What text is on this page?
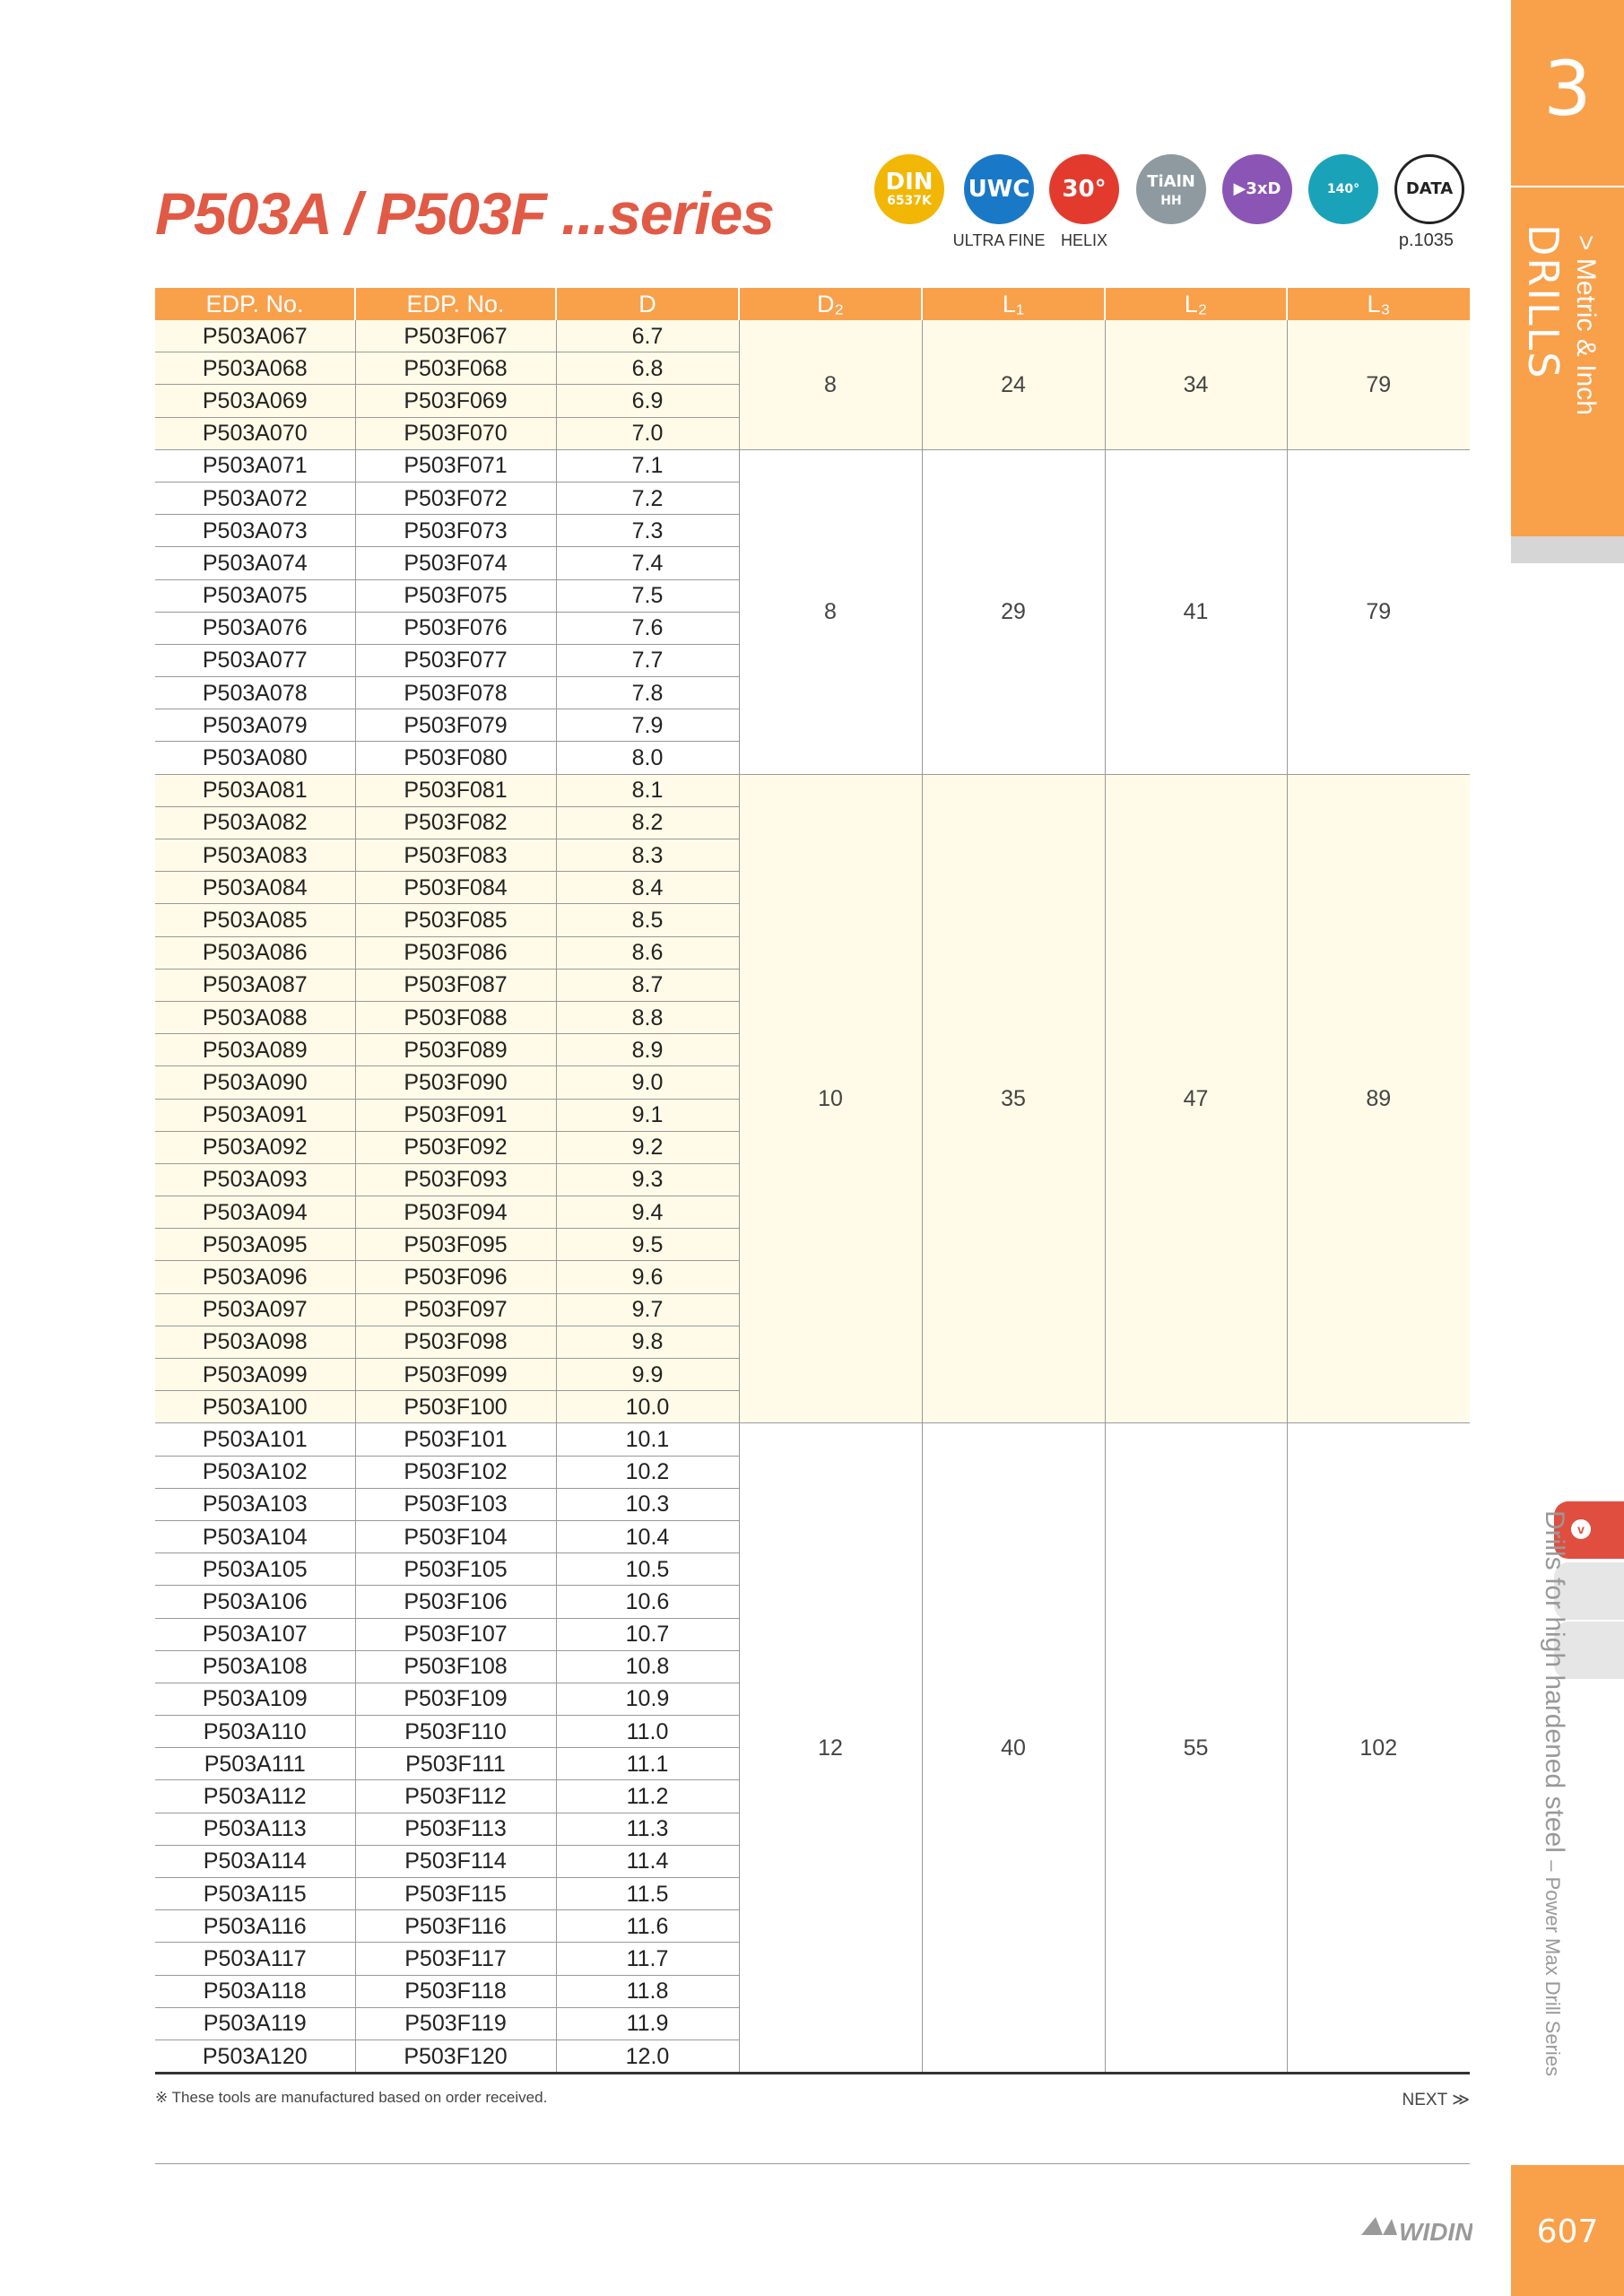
P503A / P503F ...series	DIN
6537K UWC
ULTRA FINE
30°
HELIX
TiAlN
HH
▶3xD	140°	DATA
p.1035
3
DRILLS > Metric & Inch
v
Drills for high hardened steel – Power Max Drill Series
EDP. No.	EDP. No.	D	D₂	L₁	L₂	L₃
P503A067	P503F067	6.7	8	24	34	79
P503A068	P503F068	6.8				
P503A069	P503F069	6.9				
P503A070	P503F070	7.0				
P503A071	P503F071	7.1	8	29	41	79
P503A072	P503F072	7.2				
P503A073	P503F073	7.3				
P503A074	P503F074	7.4				
P503A075	P503F075	7.5				
P503A076	P503F076	7.6				
P503A077	P503F077	7.7				
P503A078	P503F078	7.8				
P503A079	P503F079	7.9				
P503A080	P503F080	8.0				
P503A081	P503F081	8.1	10	35	47	89
P503A082	P503F082	8.2				
P503A083	P503F083	8.3				
P503A084	P503F084	8.4				
P503A085	P503F085	8.5				
P503A086	P503F086	8.6				
P503A087	P503F087	8.7				
P503A088	P503F088	8.8				
P503A089	P503F089	8.9				
P503A090	P503F090	9.0				
P503A091	P503F091	9.1				
P503A092	P503F092	9.2				
P503A093	P503F093	9.3				
P503A094	P503F094	9.4				
P503A095	P503F095	9.5				
P503A096	P503F096	9.6				
P503A097	P503F097	9.7				
P503A098	P503F098	9.8				
P503A099	P503F099	9.9				
P503A100	P503F100	10.0				
P503A101	P503F101	10.1	12	40	55	102
P503A102	P503F102	10.2				
P503A103	P503F103	10.3				
P503A104	P503F104	10.4				
P503A105	P503F105	10.5				
P503A106	P503F106	10.6				
P503A107	P503F107	10.7				
P503A108	P503F108	10.8				
P503A109	P503F109	10.9				
P503A110	P503F110	11.0				
P503A111	P503F111	11.1				
P503A112	P503F112	11.2				
P503A113	P503F113	11.3				
P503A114	P503F114	11.4				
P503A115	P503F115	11.5				
P503A116	P503F116	11.6				
P503A117	P503F117	11.7				
P503A118	P503F118	11.8				
P503A119	P503F119	11.9				
P503A120	P503F120	12.0				
※ These tools are manufactured based on order received.	NEXT ≫
WIDIN	607
